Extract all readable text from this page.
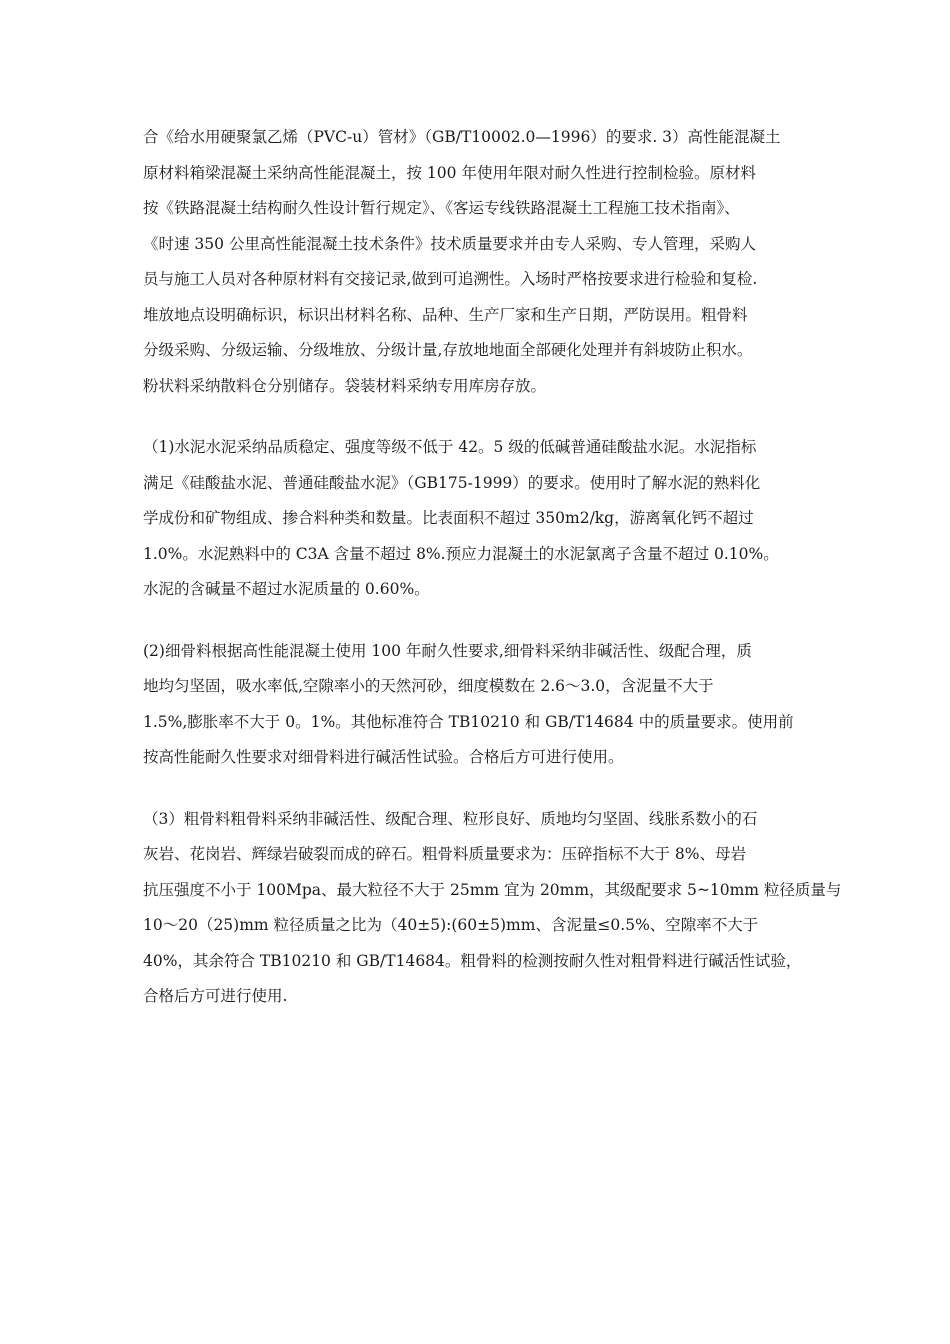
合《给水用硬聚氯乙烯（PVC-u）管材》（GB/T10002.0—1996）的要求. 3）高性能混凝土
原材料箱梁混凝土采纳高性能混凝土，按 100 年使用年限对耐久性进行控制检验。原材料
按《铁路混凝土结构耐久性设计暂行规定》、《客运专线铁路混凝土工程施工技术指南》、
《时速 350 公里高性能混凝土技术条件》技术质量要求并由专人采购、专人管理，采购人
员与施工人员对各种原材料有交接记录,做到可追溯性。入场时严格按要求进行检验和复检.
堆放地点设明确标识，标识出材料名称、品种、生产厂家和生产日期，严防误用。粗骨料
分级采购、分级运输、分级堆放、分级计量,存放地地面全部硬化处理并有斜坡防止积水。
粉状料采纳散料仓分别储存。袋装材料采纳专用库房存放。
（1)水泥水泥采纳品质稳定、强度等级不低于 42。5 级的低碱普通硅酸盐水泥。水泥指标
满足《硅酸盐水泥、普通硅酸盐水泥》（GB175-1999）的要求。使用时了解水泥的熟料化
学成份和矿物组成、掺合料种类和数量。比表面积不超过 350m2/kg，游离氧化钙不超过
1.0%。水泥熟料中的 C3A 含量不超过 8%.预应力混凝土的水泥氯离子含量不超过 0.10%。
水泥的含碱量不超过水泥质量的 0.60%。
(2)细骨料根据高性能混凝土使用 100 年耐久性要求,细骨料采纳非碱活性、级配合理，质
地均匀坚固，吸水率低,空隙率小的天然河砂，细度模数在 2.6～3.0，含泥量不大于
1.5%,膨胀率不大于 0。1%。其他标准符合 TB10210 和 GB/T14684 中的质量要求。使用前
按高性能耐久性要求对细骨料进行碱活性试验。合格后方可进行使用。
（3）粗骨料粗骨料采纳非碱活性、级配合理、粒形良好、质地均匀坚固、线胀系数小的石
灰岩、花岗岩、辉绿岩破裂而成的碎石。粗骨料质量要求为：压碎指标不大于 8%、母岩
抗压强度不小于 100Mpa、最大粒径不大于 25mm 宜为 20mm，其级配要求 5~10mm 粒径质量与
10～20（25)mm 粒径质量之比为（40±5):(60±5)mm、含泥量≤0.5%、空隙率不大于
40%，其余符合 TB10210 和 GB/T14684。粗骨料的检测按耐久性对粗骨料进行碱活性试验，
合格后方可进行使用.
